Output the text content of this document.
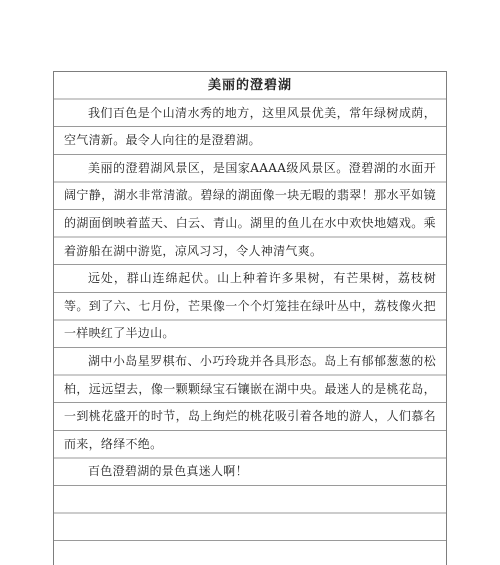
美丽的澄碧湖

我们百色是个山清水秀的地方，这里风景优美，常年绿树成荫，空气清新。最令人向往的是澄碧湖。

美丽的澄碧湖风景区，是国家AAAA级风景区。澄碧湖的水面开阔宁静，湖水非常清澈。碧绿的湖面像一块无暇的翡翠！那水平如镜的湖面倒映着蓝天、白云、青山。湖里的鱼儿在水中欢快地嬉戏。乘着游船在湖中游览，凉风习习，令人神清气爽。

远处，群山连绵起伏。山上种着许多果树，有芒果树，荔枝树等。到了六、七月份，芒果像一个个灯笼挂在绿叶丛中，荔枝像火把一样映红了半边山。

湖中小岛星罗棋布、小巧玲珑并各具形态。岛上有郁郁葱葱的松柏，远远望去，像一颗颗绿宝石镶嵌在湖中央。最迷人的是桃花岛，一到桃花盛开的时节，岛上绚烂的桃花吸引着各地的游人，人们慕名而来，络绎不绝。

百色澄碧湖的景色真迷人啊！
